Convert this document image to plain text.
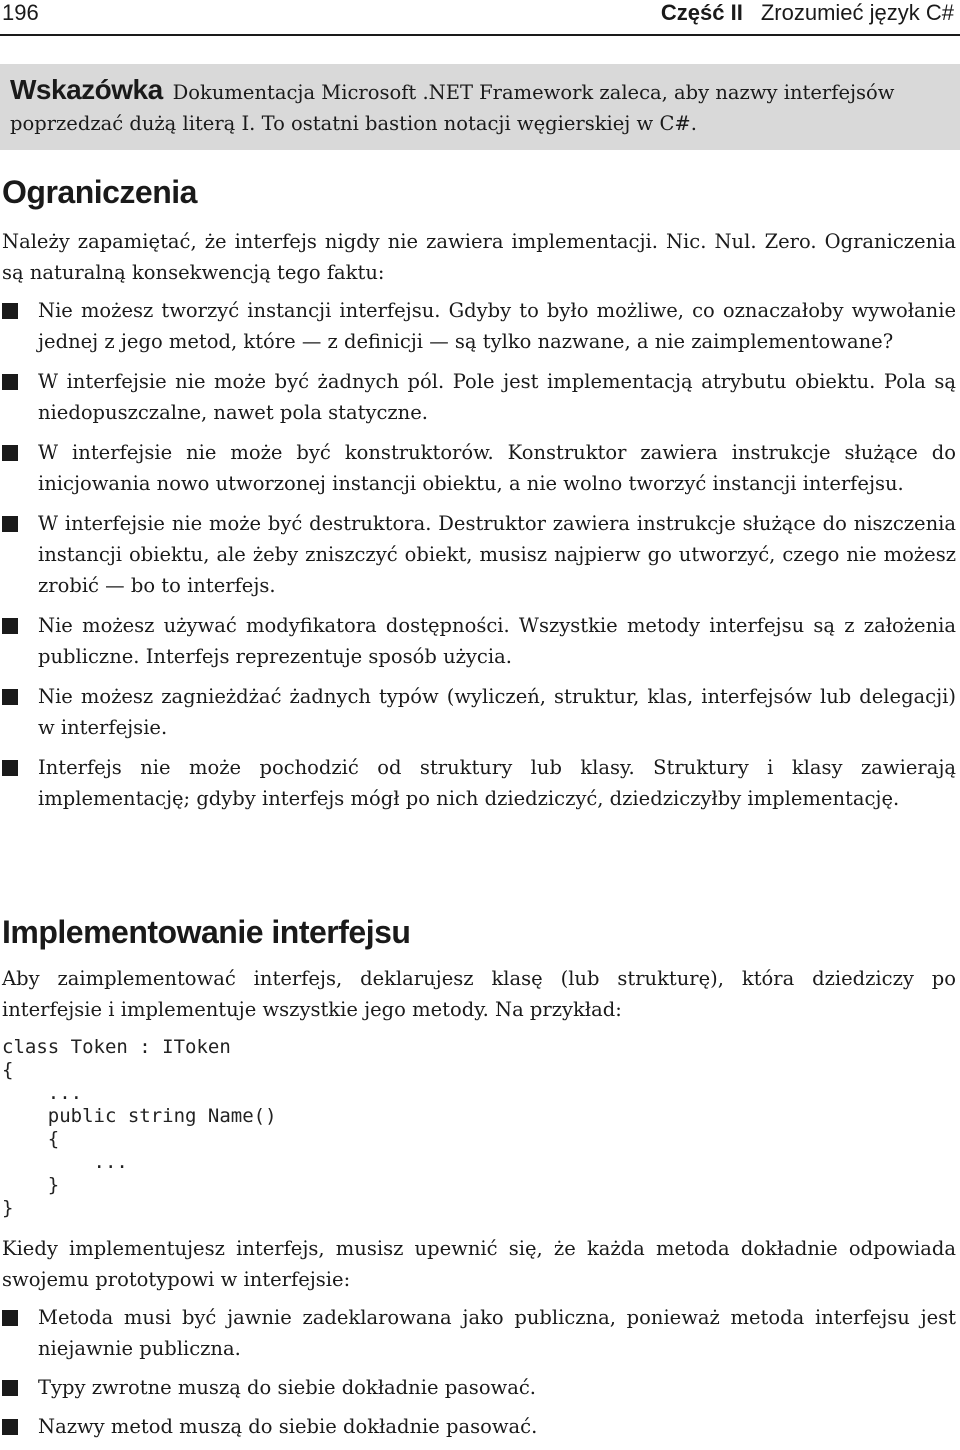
196	Część II Zrozumieć język C#

Wskazówka Dokumentacja Microsoft .NET Framework zaleca, aby nazwy interfejsów poprzedzać dużą literą I. To ostatni bastion notacji węgierskiej w C#.

Ograniczenia

Należy zapamiętać, że interfejs nigdy nie zawiera implementacji. Nic. Nul. Zero. Ograniczenia są naturalną konsekwencją tego faktu:

Nie możesz tworzyć instancji interfejsu. Gdyby to było możliwe, co oznaczałoby wywołanie jednej z jego metod, które — z definicji — są tylko nazwane, a nie zaimplementowane?
W interfejsie nie może być żadnych pól. Pole jest implementacją atrybutu obiektu. Pola są niedopuszczalne, nawet pola statyczne.
W interfejsie nie może być konstruktorów. Konstruktor zawiera instrukcje służące do inicjowania nowo utworzonej instancji obiektu, a nie wolno tworzyć instancji interfejsu.
W interfejsie nie może być destruktora. Destruktor zawiera instrukcje służące do niszczenia instancji obiektu, ale żeby zniszczyć obiekt, musisz najpierw go utworzyć, czego nie możesz zrobić — bo to interfejs.
Nie możesz używać modyfikatora dostępności. Wszystkie metody interfejsu są z założenia publiczne. Interfejs reprezentuje sposób użycia.
Nie możesz zagnieżdżać żadnych typów (wyliczeń, struktur, klas, interfejsów lub delegacji) w interfejsie.
Interfejs nie może pochodzić od struktury lub klasy. Struktury i klasy zawierają implementację; gdyby interfejs mógł po nich dziedziczyć, dziedziczyłby implementację.
Implementowanie interfejsu

Aby zaimplementować interfejs, deklarujesz klasę (lub strukturę), która dziedziczy po interfejsie i implementuje wszystkie jego metody. Na przykład:

class Token : IToken
{
...
public string Name()
{
...
}
}

Kiedy implementujesz interfejs, musisz upewnić się, że każda metoda dokładnie odpowiada swojemu prototypowi w interfejsie:

Metoda musi być jawnie zadeklarowana jako publiczna, ponieważ metoda interfejsu jest niejawnie publiczna.
Typy zwrotne muszą do siebie dokładnie pasować.
Nazwy metod muszą do siebie dokładnie pasować.
